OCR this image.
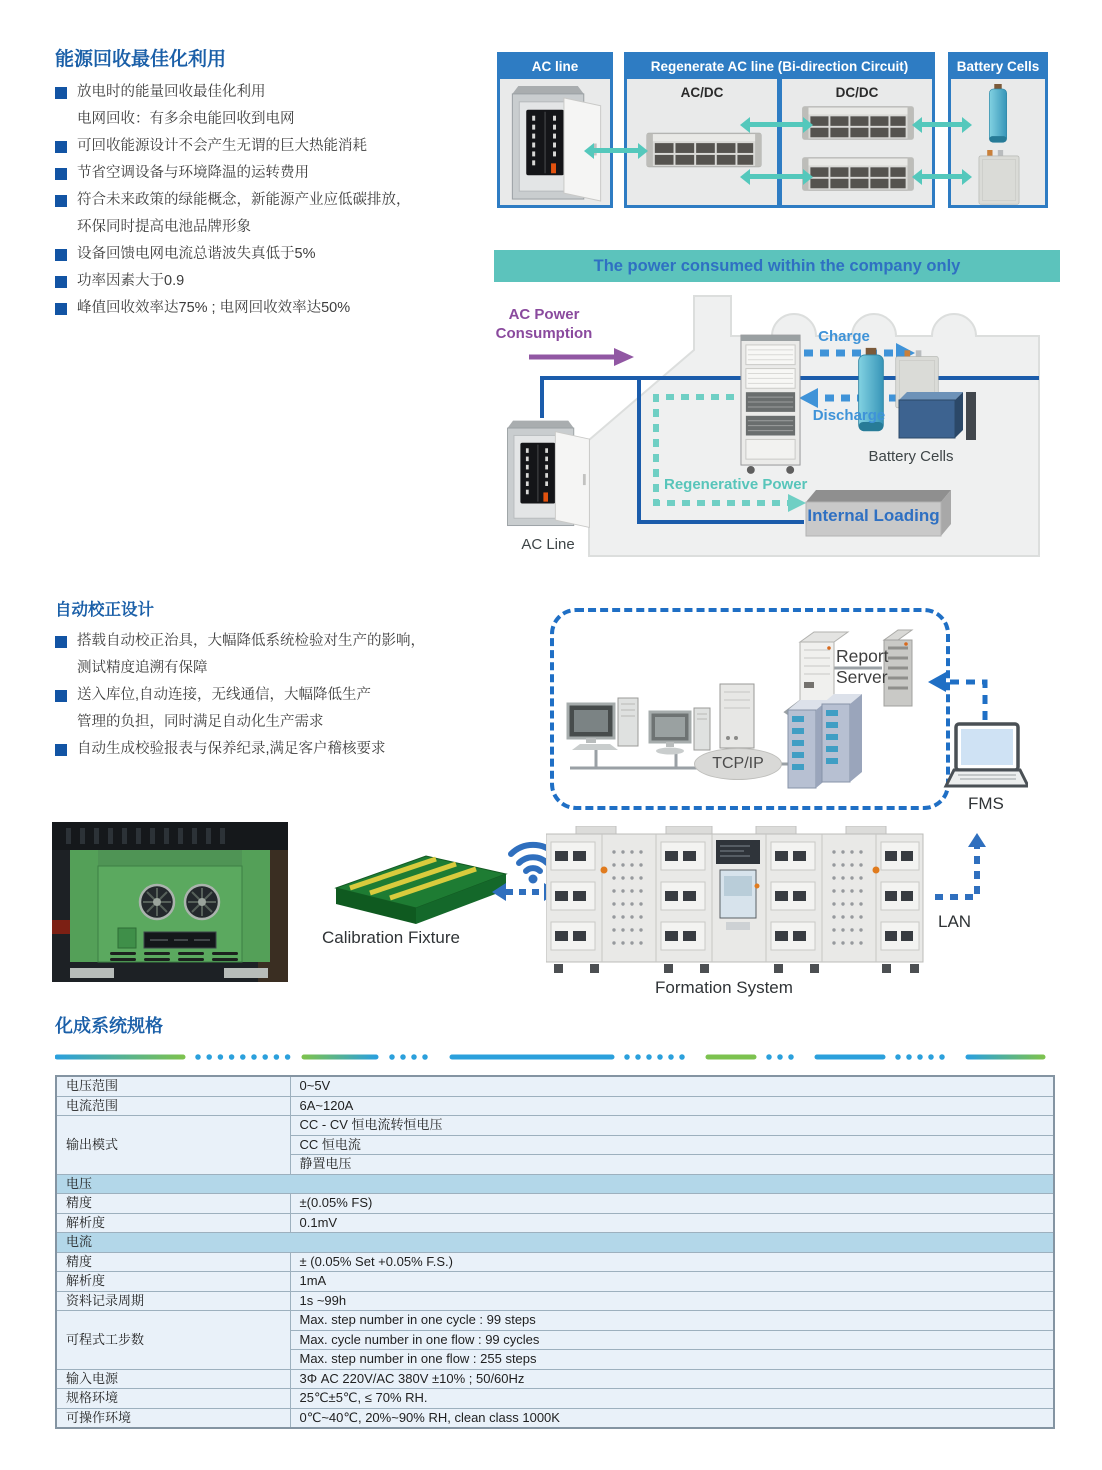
能源回收最佳化利用
放电时的能量回收最佳化利用
电网回收：有多余电能回收到电网
可回收能源设计不会产生无谓的巨大热能消耗
节省空调设备与环境降温的运转费用
符合未来政策的绿能概念，新能源产业应低碳排放，
环保同时提高电池品牌形象
设备回馈电网电流总谐波失真低于5%
功率因素大于0.9
峰值回收效率达75% ; 电网回收效率达50%
AC line	Regenerate AC line (Bi-direction Circuit)
AC/DC	DC/DC
Battery Cells
The power consumed within the company only
AC Power
Consumption	Charge
Discharge
Battery Cells
Regenerative Power
Internal Loading
AC Line
自动校正设计
搭载自动校正治具，大幅降低系统检验对生产的影响，
测试精度追溯有保障
送入库位,自动连接，无线通信，大幅降低生产
管理的负担，同时满足自动化生产需求
自动生成校验报表与保养纪录,满足客户稽核要求
TCP/IP
Report
Server
FMS
Calibration Fixture
Formation System
LAN
化成系统规格
电压范围	0~5V
电流范围	6A~120A
输出模式	CC - CV 恒电流转恒电压
	CC 恒电流
	静置电压
电压	
精度	±(0.05% FS)
解析度	0.1mV
电流	
精度	± (0.05% Set +0.05% F.S.)
解析度	1mA
资料记录周期	1s ~99h
可程式工步数	Max. step number in one cycle : 99 steps
	Max. cycle number in one flow : 99 cycles
	Max. step number in one flow : 255 steps
输入电源	3Φ AC 220V/AC 380V ±10% ; 50/60Hz
规格环境	25℃±5℃, ≤ 70% RH.
可操作环境	0℃~40℃, 20%~90% RH, clean class 1000K
